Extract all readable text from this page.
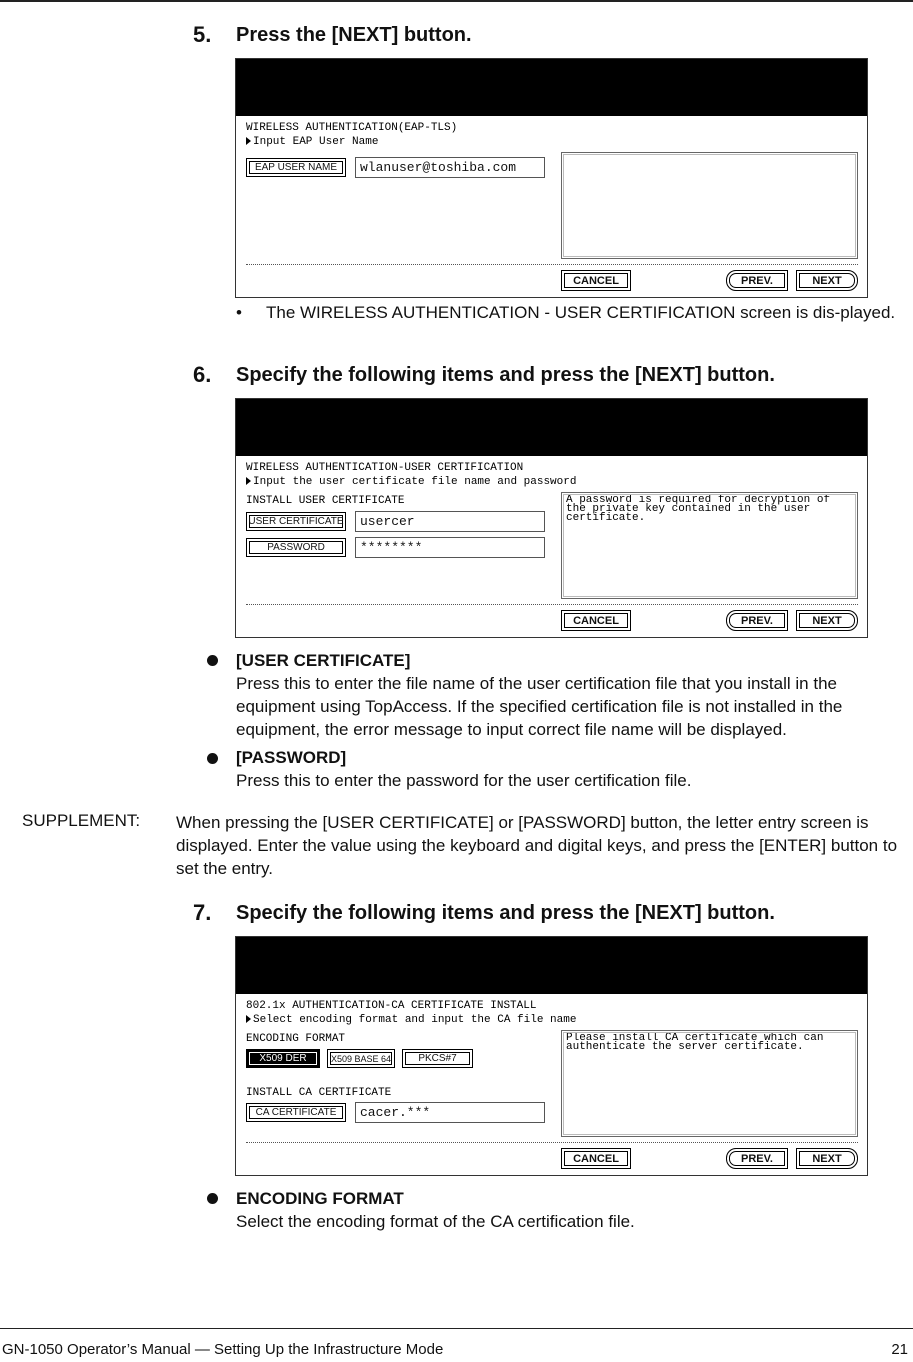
5. Press the [NEXT] button.
WIRELESS AUTHENTICATION(EAP-TLS)
Input EAP User Name
EAP USER NAME	wlanuser@toshiba.com
CANCEL	PREV.	NEXT
• The WIRELESS AUTHENTICATION - USER CERTIFICATION screen is dis-played.
6. Specify the following items and press the [NEXT] button.
WIRELESS AUTHENTICATION-USER CERTIFICATION
Input the user certificate file name and password
INSTALL USER CERTIFICATE
USER CERTIFICATE	usercer
PASSWORD	********
A password is required for decryption of
the private key contained in the user
certificate.
CANCEL	PREV.	NEXT
[USER CERTIFICATE]
Press this to enter the file name of the user certification file that you install in the equipment using TopAccess. If the specified certification file is not installed in the equipment, the error message to input correct file name will be displayed.
[PASSWORD]
Press this to enter the password for the user certification file.
SUPPLEMENT: When pressing the [USER CERTIFICATE] or [PASSWORD] button, the letter entry screen is displayed. Enter the value using the keyboard and digital keys, and press the [ENTER] button to set the entry.
7. Specify the following items and press the [NEXT] button.
802.1x AUTHENTICATION-CA CERTIFICATE INSTALL
Select encoding format and input the CA file name
ENCODING FORMAT
X509 DER	X509 BASE 64	PKCS#7
INSTALL CA CERTIFICATE
CA CERTIFICATE	cacer.***
Please install CA certificate which can
authenticate the server certificate.
CANCEL	PREV.	NEXT
ENCODING FORMAT
Select the encoding format of the CA certification file.
GN-1050 Operator’s Manual — Setting Up the Infrastructure Mode	21
